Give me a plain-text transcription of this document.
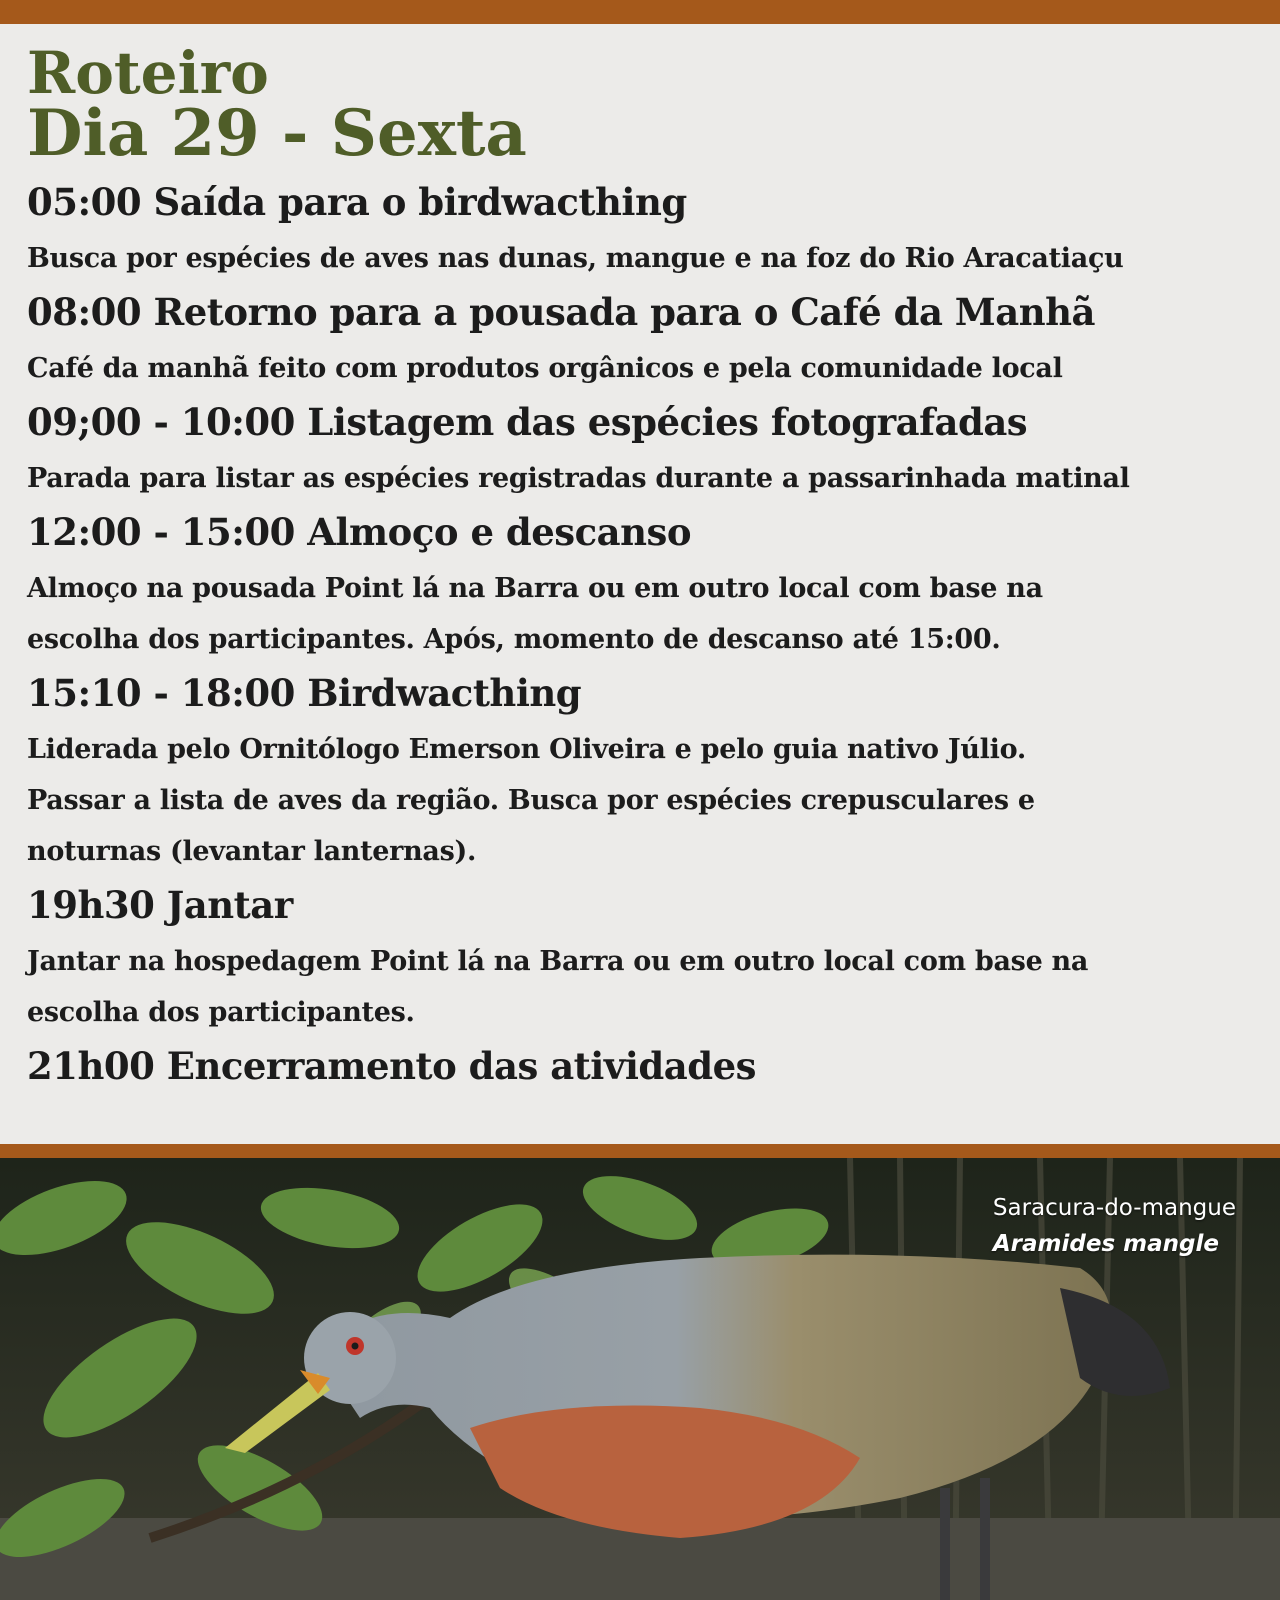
Roteiro
Dia 29 - Sexta
05:00 Saída para o birdwacthing
Busca por espécies de aves nas dunas, mangue e na foz do Rio Aracatiaçu
08:00 Retorno para a pousada para o Café da Manhã
Café da manhã feito com produtos orgânicos e pela comunidade local
09;00 - 10:00 Listagem das espécies fotografadas
Parada para listar as espécies registradas durante a passarinhada matinal
12:00 - 15:00 Almoço e descanso
Almoço na pousada Point lá na Barra ou em outro local com base na
escolha dos participantes. Após, momento de descanso até 15:00.
15:10 - 18:00 Birdwacthing
Liderada pelo Ornitólogo Emerson Oliveira e pelo guia nativo Júlio.
Passar a lista de aves da região. Busca por espécies crepusculares e
noturnas (levantar lanternas).
19h30 Jantar
Jantar na hospedagem Point lá na Barra ou em outro local com base na
escolha dos participantes.
21h00 Encerramento das atividades
Saracura-do-mangue
Aramides mangle
